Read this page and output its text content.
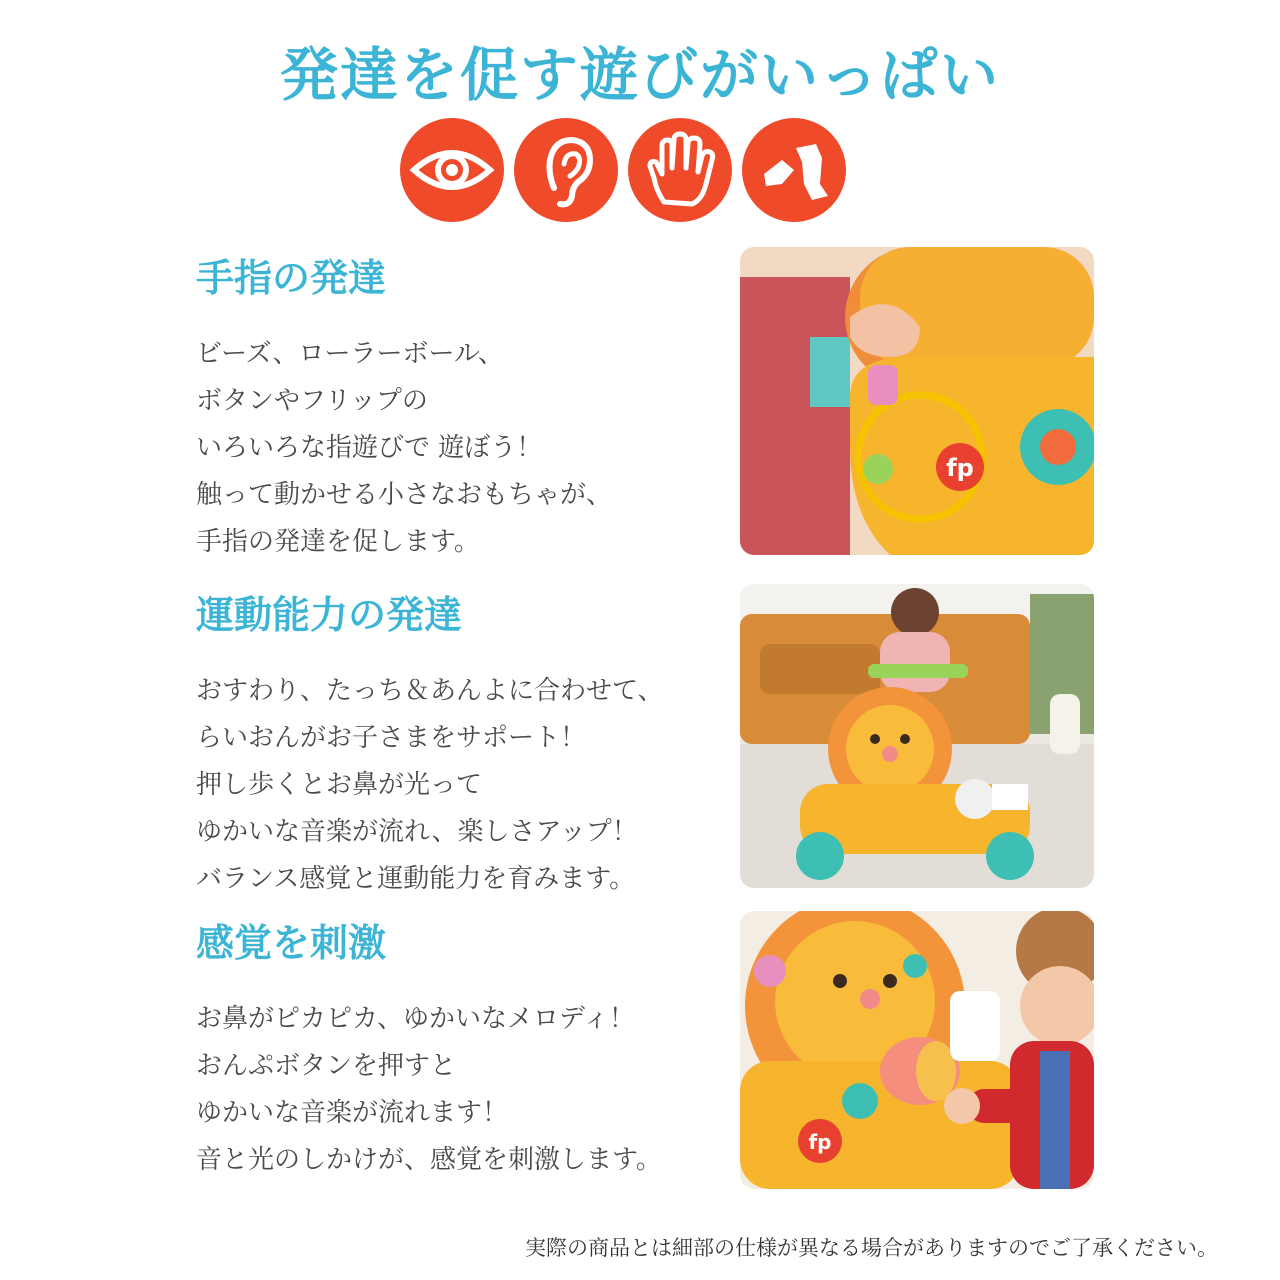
発達を促す遊びがいっぱい
手指の発達
ビーズ、ローラーボール、
ボタンやフリップの
いろいろな指遊びで 遊ぼう！
触って動かせる小さなおもちゃが、
手指の発達を促します。
運動能力の発達
おすわり、たっち＆あんよに合わせて、
らいおんがお子さまをサポート！
押し歩くとお鼻が光って
ゆかいな音楽が流れ、楽しさアップ！
バランス感覚と運動能力を育みます。
感覚を刺激
お鼻がピカピカ、ゆかいなメロディ！
おんぷボタンを押すと
ゆかいな音楽が流れます！
音と光のしかけが、感覚を刺激します。
fp
fp
実際の商品とは細部の仕様が異なる場合がありますのでご了承ください。
